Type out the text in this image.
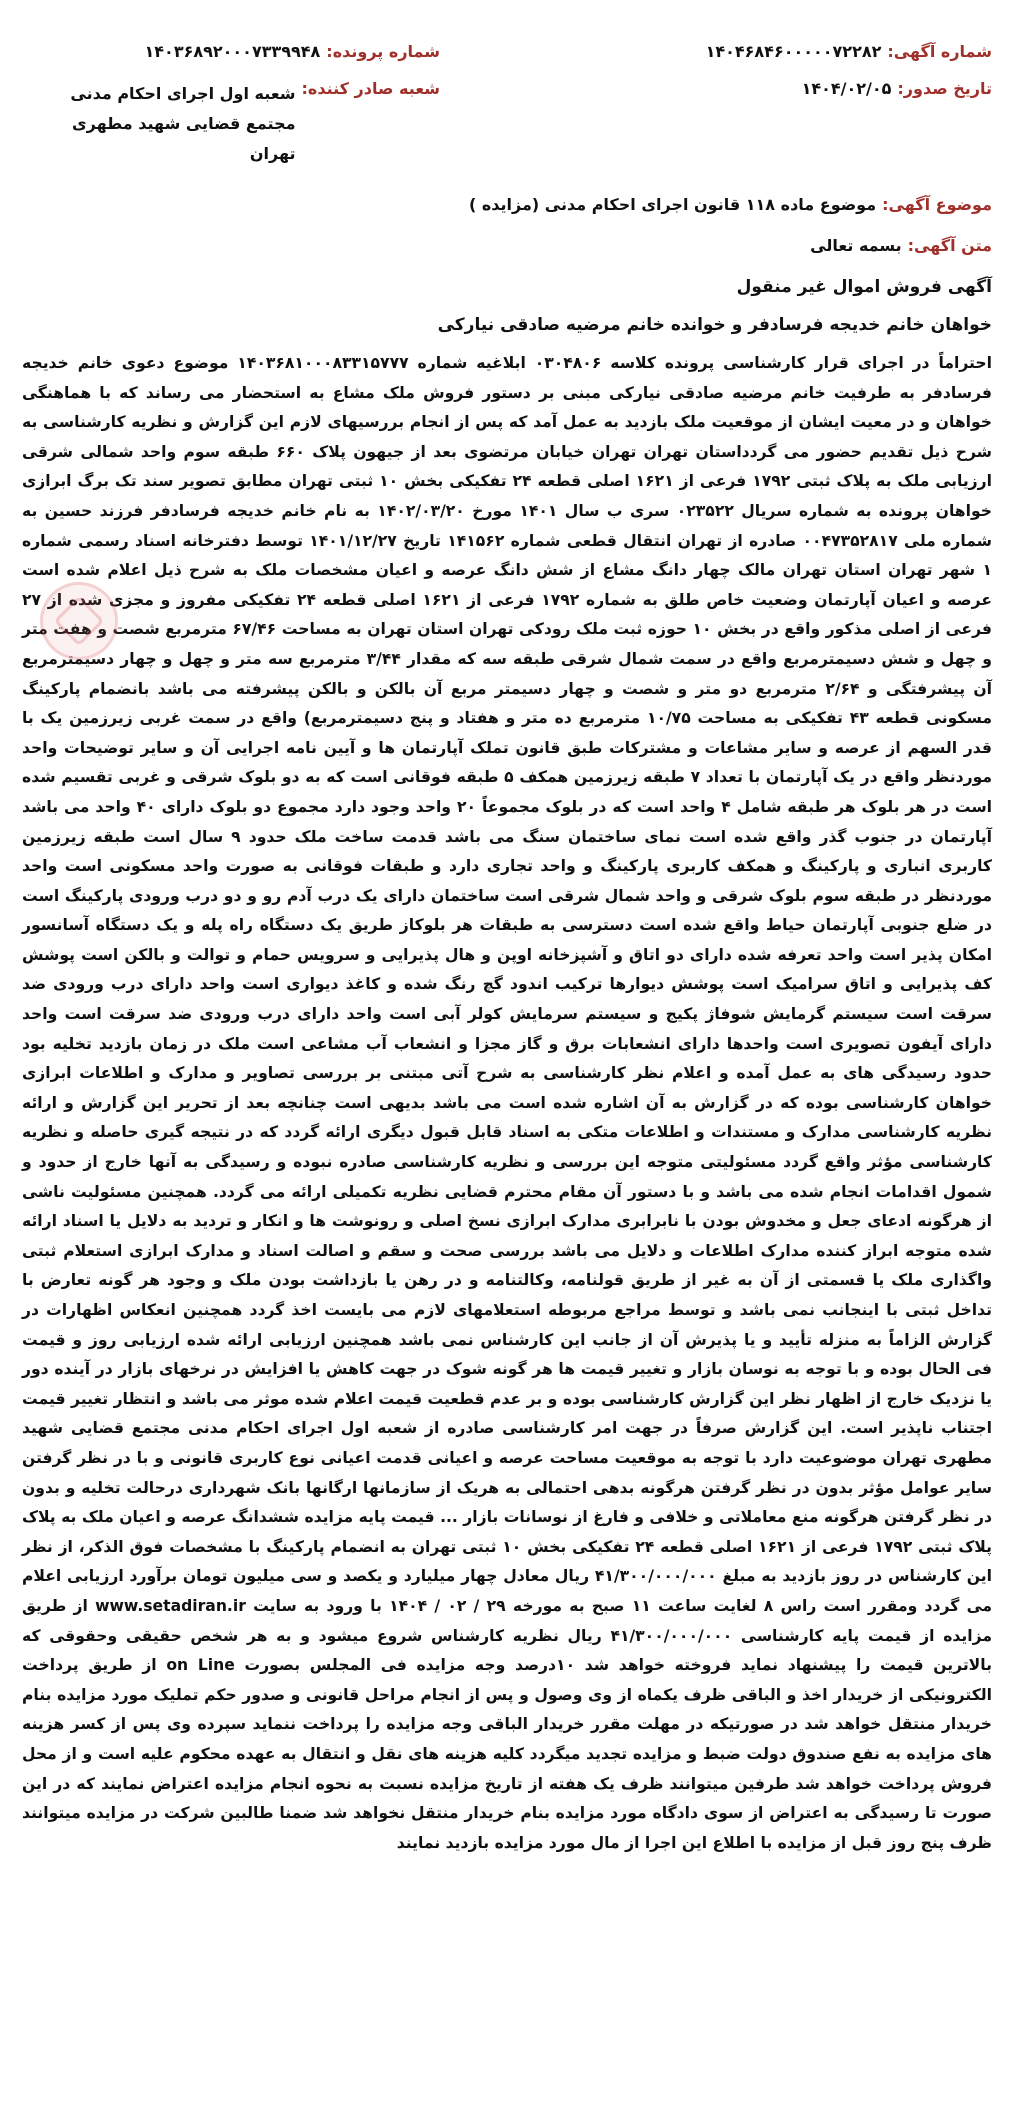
شماره آگهی:
۱۴۰۴۶۸۴۶۰۰۰۰۰۷۲۲۸۲
شماره پرونده:
۱۴۰۳۶۸۹۲۰۰۰۷۳۳۹۹۴۸
تاریخ صدور:
۱۴۰۴/۰۲/۰۵
شعبه صادر کننده:
شعبه اول اجرای احکام مدنی مجتمع قضایی شهید مطهری تهران
موضوع آگهی:
موضوع ماده ۱۱۸ قانون اجرای احکام مدنی (مزایده )
متن آگهی:
بسمه تعالی
آگهی فروش اموال غیر منقول
خواهان خانم خدیجه فرسادفر و خوانده خانم مرضیه صادقی نیارکی
احتراماً در اجرای قرار کارشناسی پرونده کلاسه ۰۳۰۴۸۰۶ ابلاغیه شماره ۱۴۰۳۶۸۱۰۰۰۸۳۳۱۵۷۷۷ موضوع دعوی خانم خدیجه فرسادفر به طرفیت خانم مرضیه صادقی نیارکی مبنی بر دستور فروش ملک مشاع به استحضار می رساند که با هماهنگی خواهان و در معیت ایشان از موقعیت ملک بازدید به عمل آمد که پس از انجام بررسیهای لازم این گزارش و نظریه کارشناسی به شرح ذیل تقدیم حضور می گردداستان تهران تهران خیابان مرتضوی بعد از جیهون پلاک ۶۶۰ طبقه سوم واحد شمالی شرقی ارزیابی ملک به پلاک ثبتی ۱۷۹۲ فرعی از ۱۶۲۱ اصلی قطعه ۲۴ تفکیکی بخش ۱۰ ثبتی تهران مطابق تصویر سند تک برگ ابرازی خواهان پرونده به شماره سریال ۰۲۳۵۲۲ سری ب سال ۱۴۰۱ مورخ ۱۴۰۲/۰۳/۲۰ به نام خانم خدیجه فرسادفر فرزند حسین به شماره ملی ۰۰۴۷۳۵۲۸۱۷ صادره از تهران انتقال قطعی شماره ۱۴۱۵۶۲ تاریخ ۱۴۰۱/۱۲/۲۷ توسط دفترخانه اسناد رسمی شماره ۱ شهر تهران استان تهران مالک چهار دانگ مشاع از شش دانگ عرصه و اعیان مشخصات ملک به شرح ذیل اعلام شده است عرصه و اعیان آپارتمان وضعیت خاص طلق به شماره ۱۷۹۲ فرعی از ۱۶۲۱ اصلی قطعه ۲۴ تفکیکی مفروز و مجزی شده از ۲۷ فرعی از اصلی مذکور واقع در بخش ۱۰ حوزه ثبت ملک رودکی تهران استان تهران به مساحت ۶۷/۴۶ مترمربع شصت و هفت متر و چهل و شش دسیمترمربع واقع در سمت شمال شرقی طبقه سه که مقدار ۳/۴۴ مترمربع سه متر و چهل و چهار دسیمترمربع آن پیشرفتگی و ۲/۶۴ مترمربع دو متر و شصت و چهار دسیمتر مربع آن بالکن و بالکن پیشرفته می باشد بانضمام پارکینگ مسکونی قطعه ۴۳ تفکیکی به مساحت ۱۰/۷۵ مترمربع ده متر و هفتاد و پنج دسیمترمربع) واقع در سمت غربی زیرزمین یک با قدر السهم از عرصه و سایر مشاعات و مشترکات طبق قانون تملک آپارتمان ها و آیین نامه اجرایی آن و سایر توضیحات واحد موردنظر واقع در یک آپارتمان با تعداد ۷ طبقه زیرزمین همکف ۵ طبقه فوقانی است که به دو بلوک شرقی و غربی تقسیم شده است در هر بلوک هر طبقه شامل ۴ واحد است که در بلوک مجموعاً ۲۰ واحد وجود دارد مجموع دو بلوک دارای ۴۰ واحد می باشد آپارتمان در جنوب گذر واقع شده است نمای ساختمان سنگ می باشد قدمت ساخت ملک حدود ۹ سال است طبقه زیرزمین کاربری انباری و پارکینگ و همکف کاربری پارکینگ و واحد تجاری دارد و طبقات فوقانی به صورت واحد مسکونی است واحد موردنظر در طبقه سوم بلوک شرقی و واحد شمال شرقی است ساختمان دارای یک درب آدم رو و دو درب ورودی پارکینگ است در ضلع جنوبی آپارتمان حیاط واقع شده است دسترسی به طبقات هر بلوکاز طریق یک دستگاه راه پله و یک دستگاه آسانسور امکان پذیر است واحد تعرفه شده دارای دو اتاق و آشپزخانه اوپن و هال پذیرایی و سرویس حمام و توالت و بالکن است پوشش کف پذیرایی و اتاق سرامیک است پوشش دیوارها ترکیب اندود گچ رنگ شده و کاغذ دیواری است واحد دارای درب ورودی ضد سرقت است سیستم گرمایش شوفاژ پکیج و سیستم سرمایش کولر آبی است واحد دارای درب ورودی ضد سرقت است واحد دارای آیفون تصویری است واحدها دارای انشعابات برق و گاز مجزا و انشعاب آب مشاعی است ملک در زمان بازدید تخلیه بود حدود رسیدگی های به عمل آمده و اعلام نظر کارشناسی به شرح آتی مبتنی بر بررسی تصاویر و مدارک و اطلاعات ابرازی خواهان کارشناسی بوده که در گزارش به آن اشاره شده است می باشد بدیهی است چنانچه بعد از تحریر این گزارش و ارائه نظریه کارشناسی مدارک و مستندات و اطلاعات متکی به اسناد قابل قبول دیگری ارائه گردد که در نتیجه گیری حاصله و نظریه کارشناسی مؤثر واقع گردد مسئولیتی متوجه این بررسی و نظریه کارشناسی صادره نبوده و رسیدگی به آنها خارج از حدود و شمول اقدامات انجام شده می باشد و با دستور آن مقام محترم قضایی نظریه تکمیلی ارائه می گردد. همچنین مسئولیت ناشی از هرگونه ادعای جعل و مخدوش بودن با نابرابری مدارک ابرازی نسخ اصلی و رونوشت ها و انکار و تردید به دلایل یا اسناد ارائه شده متوجه ابراز کننده مدارک اطلاعات و دلایل می باشد بررسی صحت و سقم و اصالت اسناد و مدارک ابرازی استعلام ثبتی واگذاری ملک یا قسمتی از آن به غیر از طریق قولنامه، وکالتنامه و در رهن یا بازداشت بودن ملک و وجود هر گونه تعارض با تداخل ثبتی با اینجانب نمی باشد و توسط مراجع مربوطه استعلامهای لازم می بایست اخذ گردد همچنین انعکاس اظهارات در گزارش الزاماً به منزله تأیید و یا پذیرش آن از جانب این کارشناس نمی باشد همچنین ارزیابی ارائه شده ارزیابی روز و قیمت فی الحال بوده و با توجه به نوسان بازار و تغییر قیمت ها هر گونه شوک در جهت کاهش یا افزایش در نرخهای بازار در آینده دور یا نزدیک خارج از اظهار نظر این گزارش کارشناسی بوده و بر عدم قطعیت قیمت اعلام شده موثر می باشد و انتظار تغییر قیمت اجتناب ناپذیر است. این گزارش صرفاً در جهت امر کارشناسی صادره از شعبه اول اجرای احکام مدنی مجتمع قضایی شهید مطهری تهران موضوعیت دارد با توجه به موقعیت مساحت عرصه و اعیانی قدمت اعیانی نوع کاربری قانونی و با در نظر گرفتن سایر عوامل مؤثر بدون در نظر گرفتن هرگونه بدهی احتمالی به هریک از سازمانها ارگانها بانک شهرداری درحالت تخلیه و بدون در نظر گرفتن هرگونه منع معاملاتی و خلافی و فارغ از نوسانات بازار ... قیمت پایه مزایده ششدانگ عرصه و اعیان ملک به پلاک پلاک ثبتی ۱۷۹۲ فرعی از ۱۶۲۱ اصلی قطعه ۲۴ تفکیکی بخش ۱۰ ثبتی تهران به انضمام پارکینگ با مشخصات فوق الذکر، از نظر این کارشناس در روز بازدید به مبلغ ۴۱/۳۰۰/۰۰۰/۰۰۰ ریال معادل چهار میلیارد و یکصد و سی میلیون تومان برآورد ارزیابی اعلام می گردد ومقرر است راس ۸ لغایت ساعت ۱۱ صبح به مورخه ۲۹ / ۰۲ / ۱۴۰۴ با ورود به سایت www.setadiran.ir از طریق مزایده از قیمت پایه کارشناسی ۴۱/۳۰۰/۰۰۰/۰۰۰ ریال نظریه کارشناس شروع میشود و به هر شخص حقیقی وحقوقی که بالاترین قیمت را پیشنهاد نماید فروخته خواهد شد ۱۰درصد وجه مزایده فی المجلس بصورت on Line از طریق پرداخت الکترونیکی از خریدار اخذ و الباقی ظرف یکماه از وی وصول و پس از انجام مراحل قانونی و صدور حکم تملیک مورد مزایده بنام خریدار منتقل خواهد شد در صورتیکه در مهلت مقرر خریدار الباقی وجه مزایده را پرداخت ننماید سپرده وی پس از کسر هزینه های مزایده به نفع صندوق دولت ضبط و مزایده تجدید میگردد کلیه هزینه های نقل و انتقال به عهده محکوم علیه است و از محل فروش پرداخت خواهد شد طرفین میتوانند ظرف یک هفته از تاریخ مزایده نسبت به نحوه انجام مزایده اعتراض نمایند که در این صورت تا رسیدگی به اعتراض از سوی دادگاه مورد مزایده بنام خریدار منتقل نخواهد شد ضمنا طالبین شرکت در مزایده میتوانند ظرف پنج روز قبل از مزایده با اطلاع این اجرا از مال مورد مزایده بازدید نمایند
